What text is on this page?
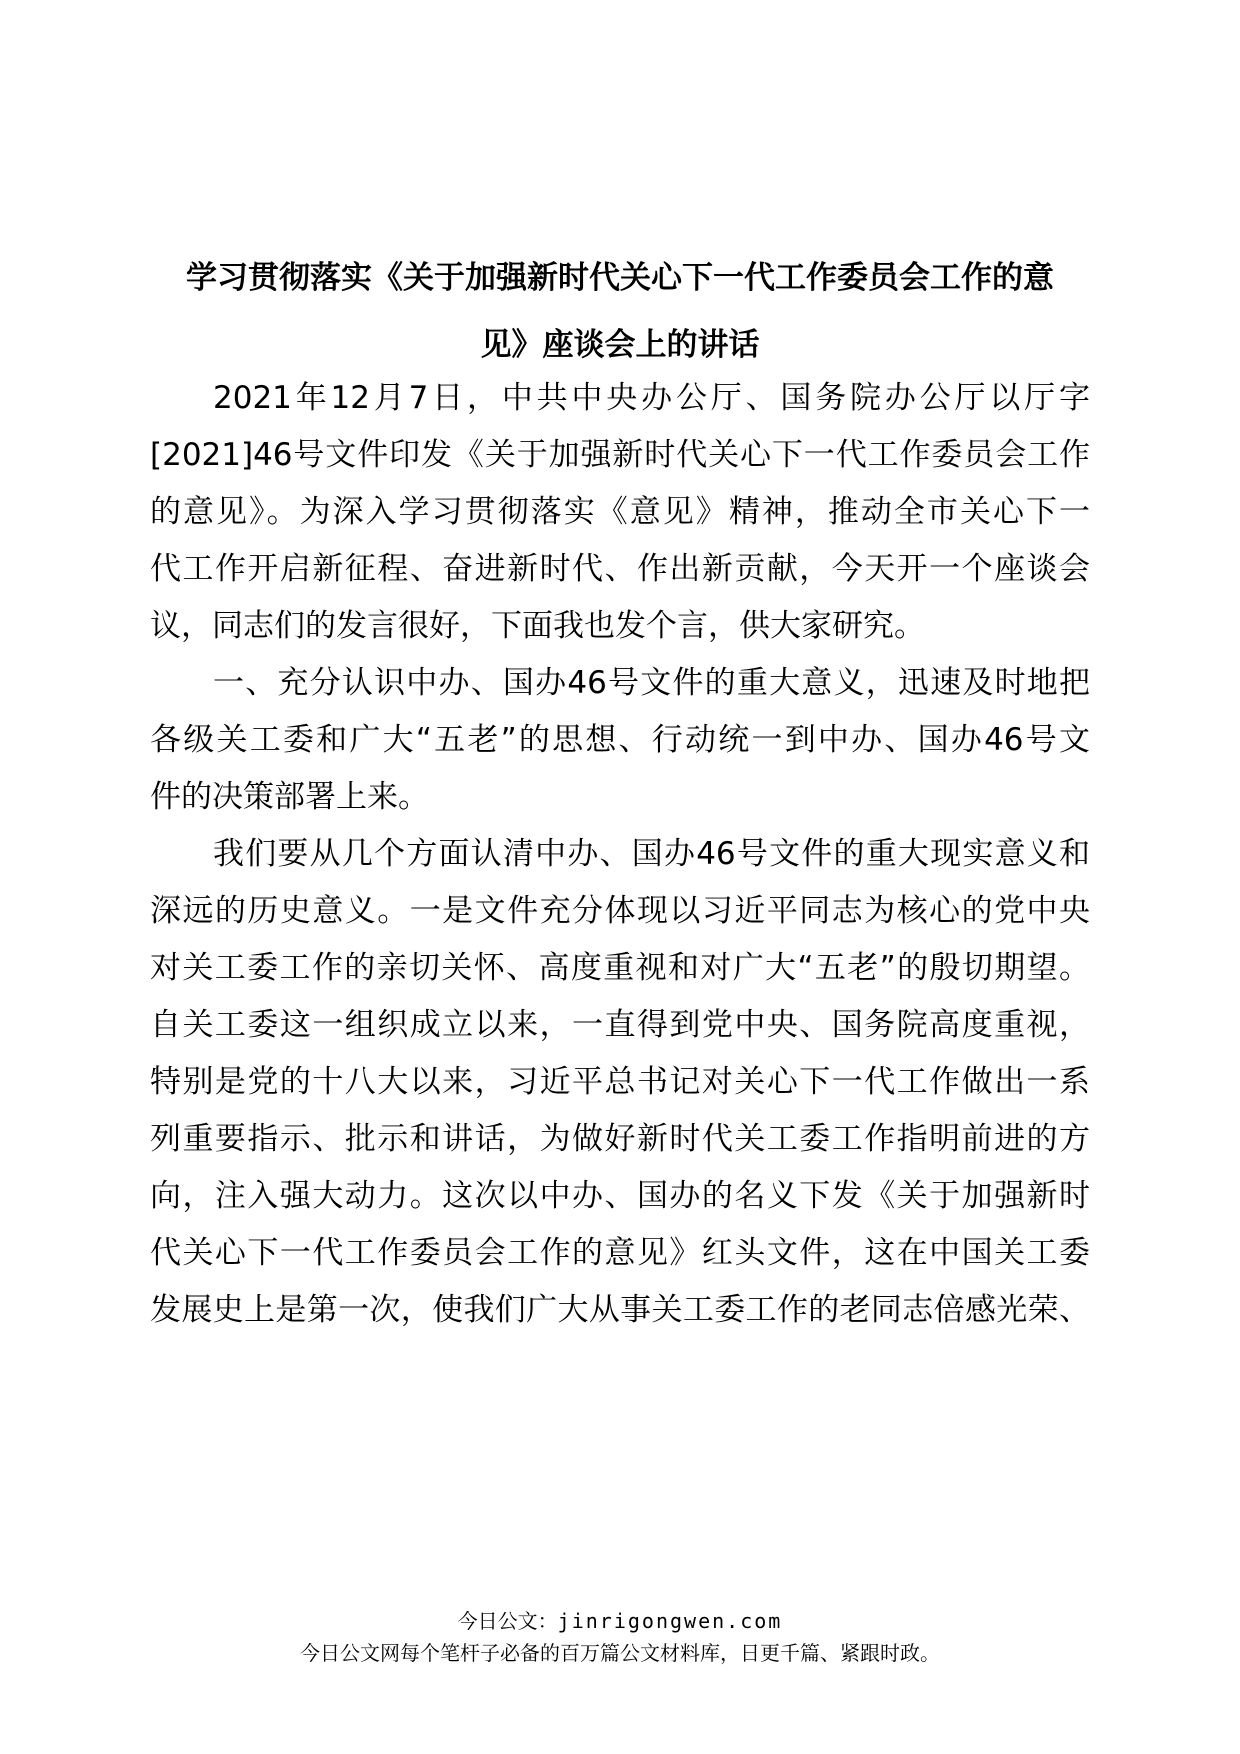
学习贯彻落实《关于加强新时代关心下一代工作委员会工作的意
见》座谈会上的讲话
2021年12月7日，中共中央办公厅、国务院办公厅以厅字
[2021]46号文件印发《关于加强新时代关心下一代工作委员会工作
的意见》。为深入学习贯彻落实《意见》精神，推动全市关心下一
代工作开启新征程、奋进新时代、作出新贡献，今天开一个座谈会
议，同志们的发言很好，下面我也发个言，供大家研究。
一、充分认识中办、国办46号文件的重大意义，迅速及时地把
各级关工委和广大“五老”的思想、行动统一到中办、国办46号文
件的决策部署上来。
我们要从几个方面认清中办、国办46号文件的重大现实意义和
深远的历史意义。一是文件充分体现以习近平同志为核心的党中央
对关工委工作的亲切关怀、高度重视和对广大“五老”的殷切期望。
自关工委这一组织成立以来，一直得到党中央、国务院高度重视，
特别是党的十八大以来，习近平总书记对关心下一代工作做出一系
列重要指示、批示和讲话，为做好新时代关工委工作指明前进的方
向，注入强大动力。这次以中办、国办的名义下发《关于加强新时
代关心下一代工作委员会工作的意见》红头文件，这在中国关工委
发展史上是第一次，使我们广大从事关工委工作的老同志倍感光荣、
今日公文：jinrigongwen.com
今日公文网每个笔杆子必备的百万篇公文材料库，日更千篇、紧跟时政。
